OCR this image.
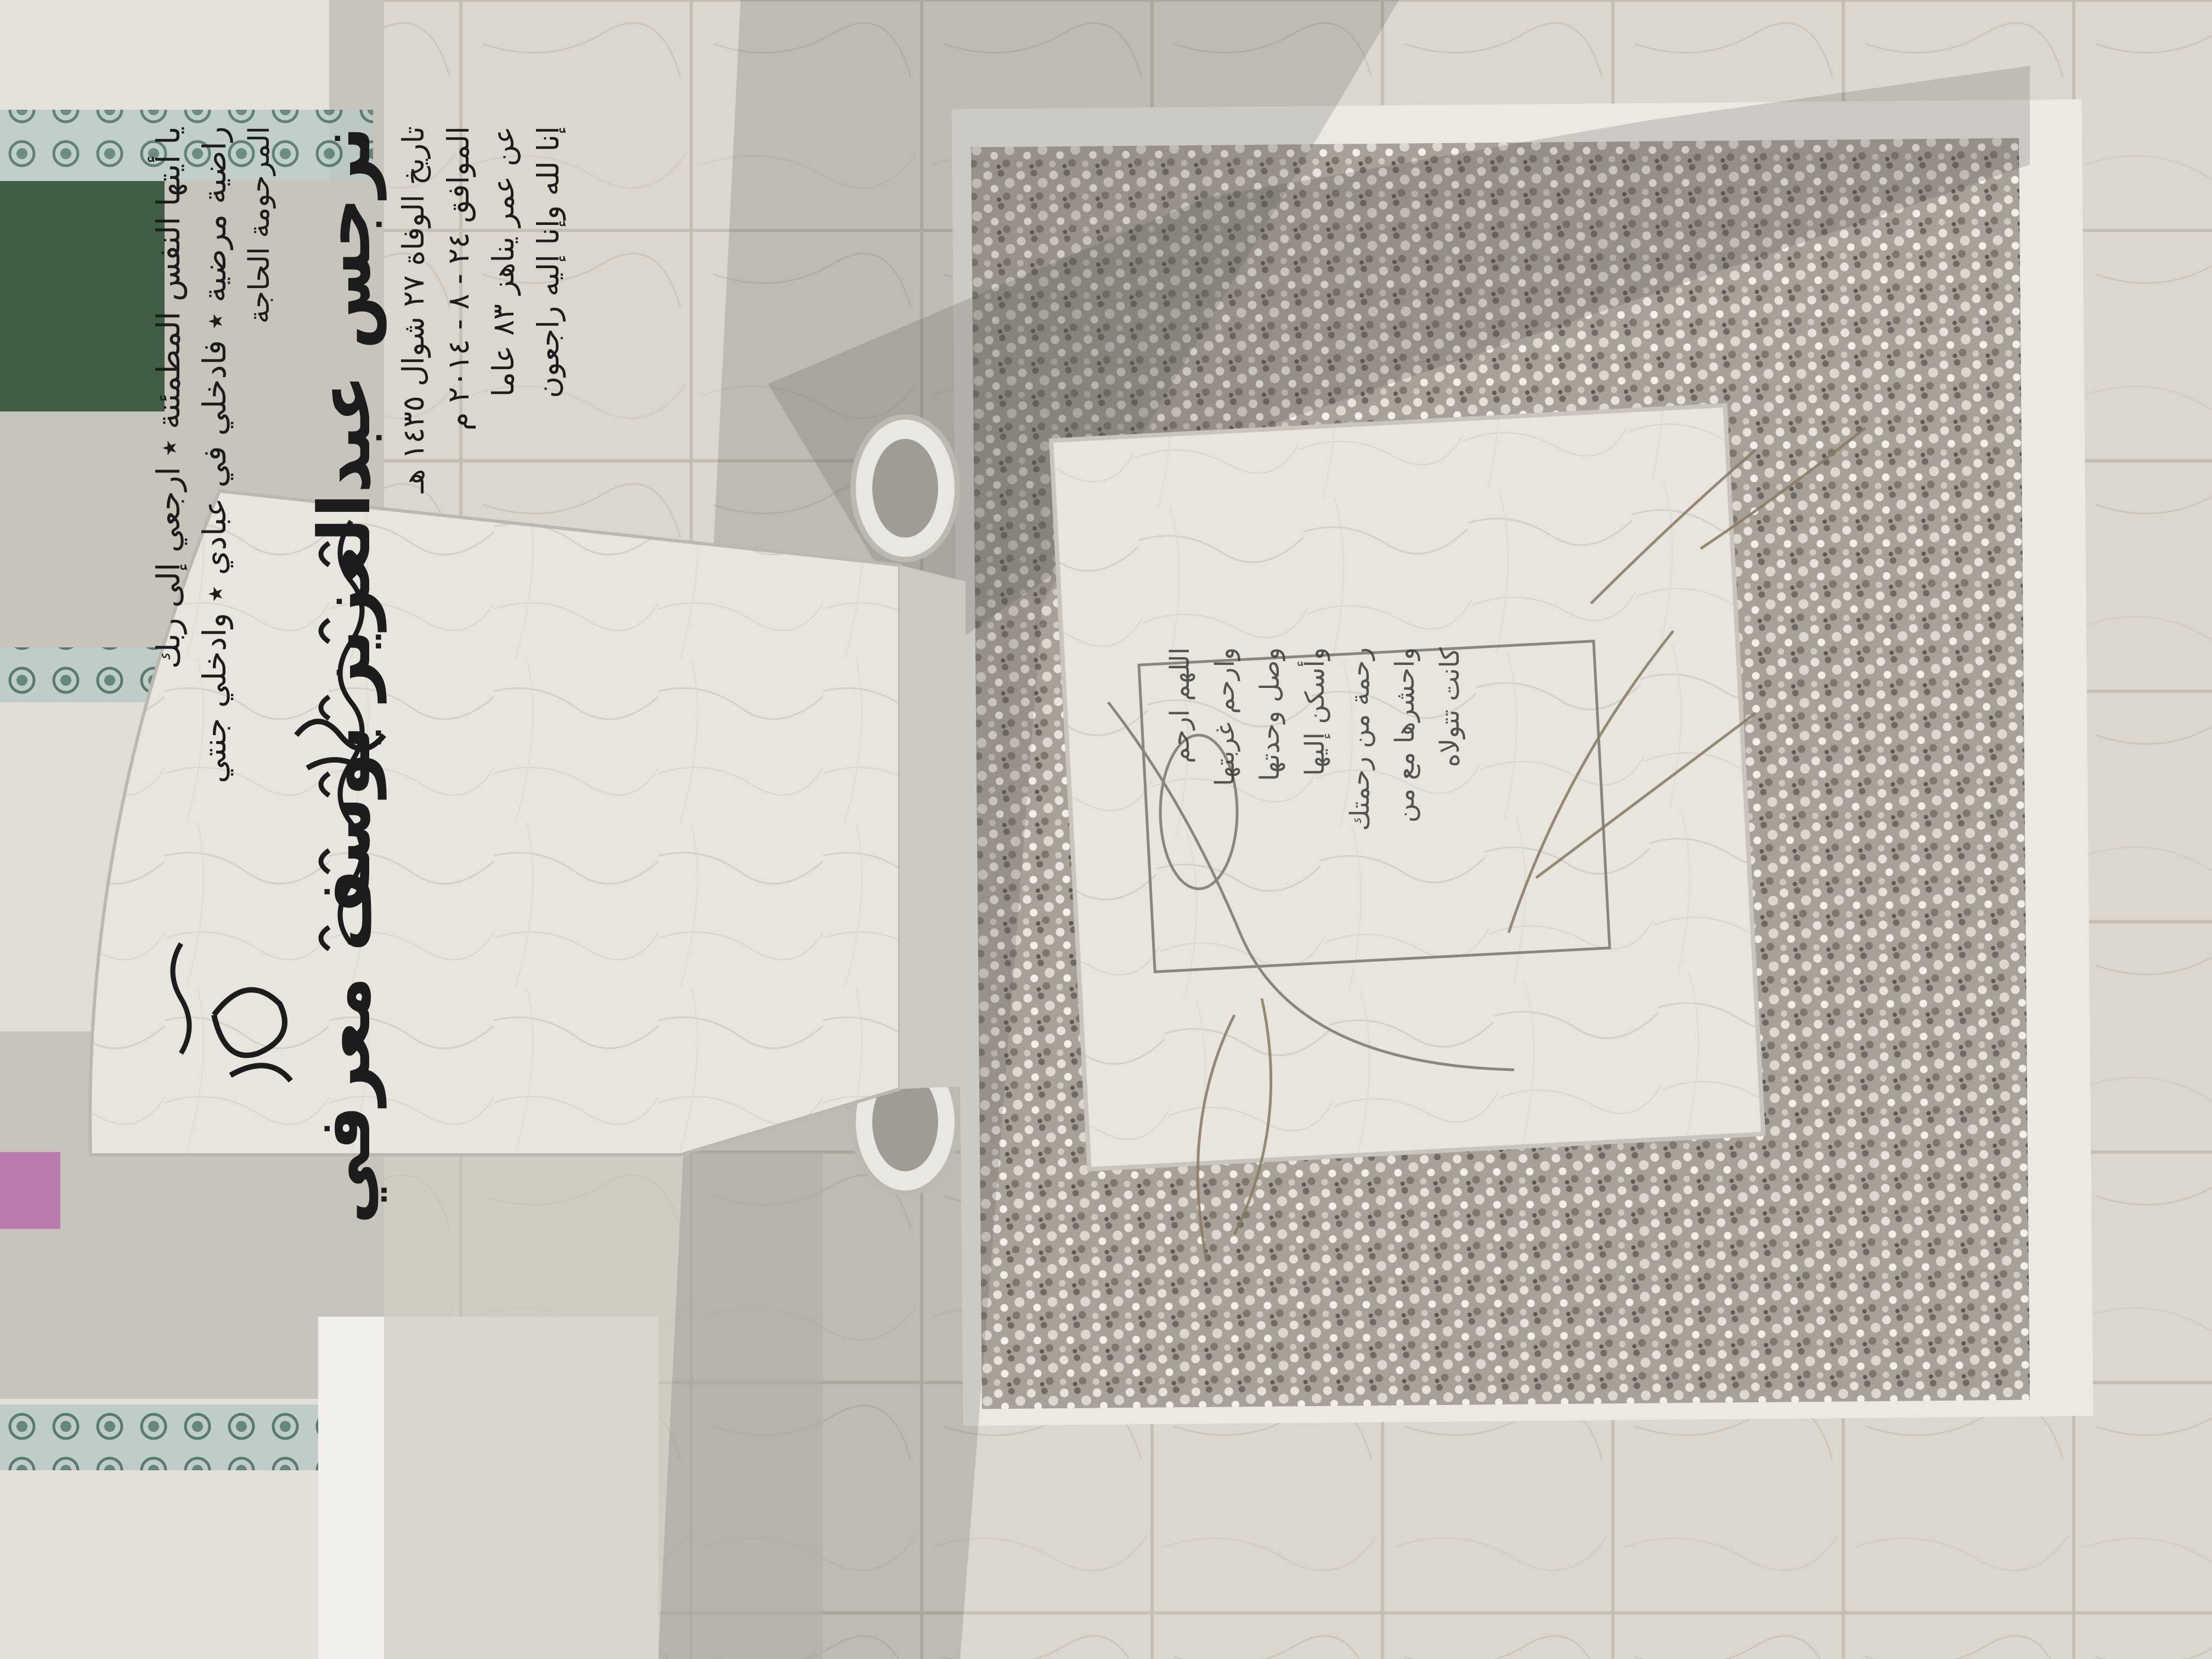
يا أيتها النفس المطمئنة ٭ ارجعي إلى ربك راضية مرضية ٭ فادخلي في عبادي ٭ وادخلي جنتي المرحومة الحاجة نرجس عبدالعزيز يوسف معرفي تاريخ الوفاة ٢٧ شوال ١٤٣٥ هـ
الموافق ٢٤ - ٨ - ٢٠١٤ م
عن عمر يناهز ٨٣ عاما إنا لله وإنا إليه راجعون
اللهم ارحم وارحم غربتها وصل وحدتها وأسكن إليها رحمة من رحمتك واحشرها مع من كانت تتولاه
